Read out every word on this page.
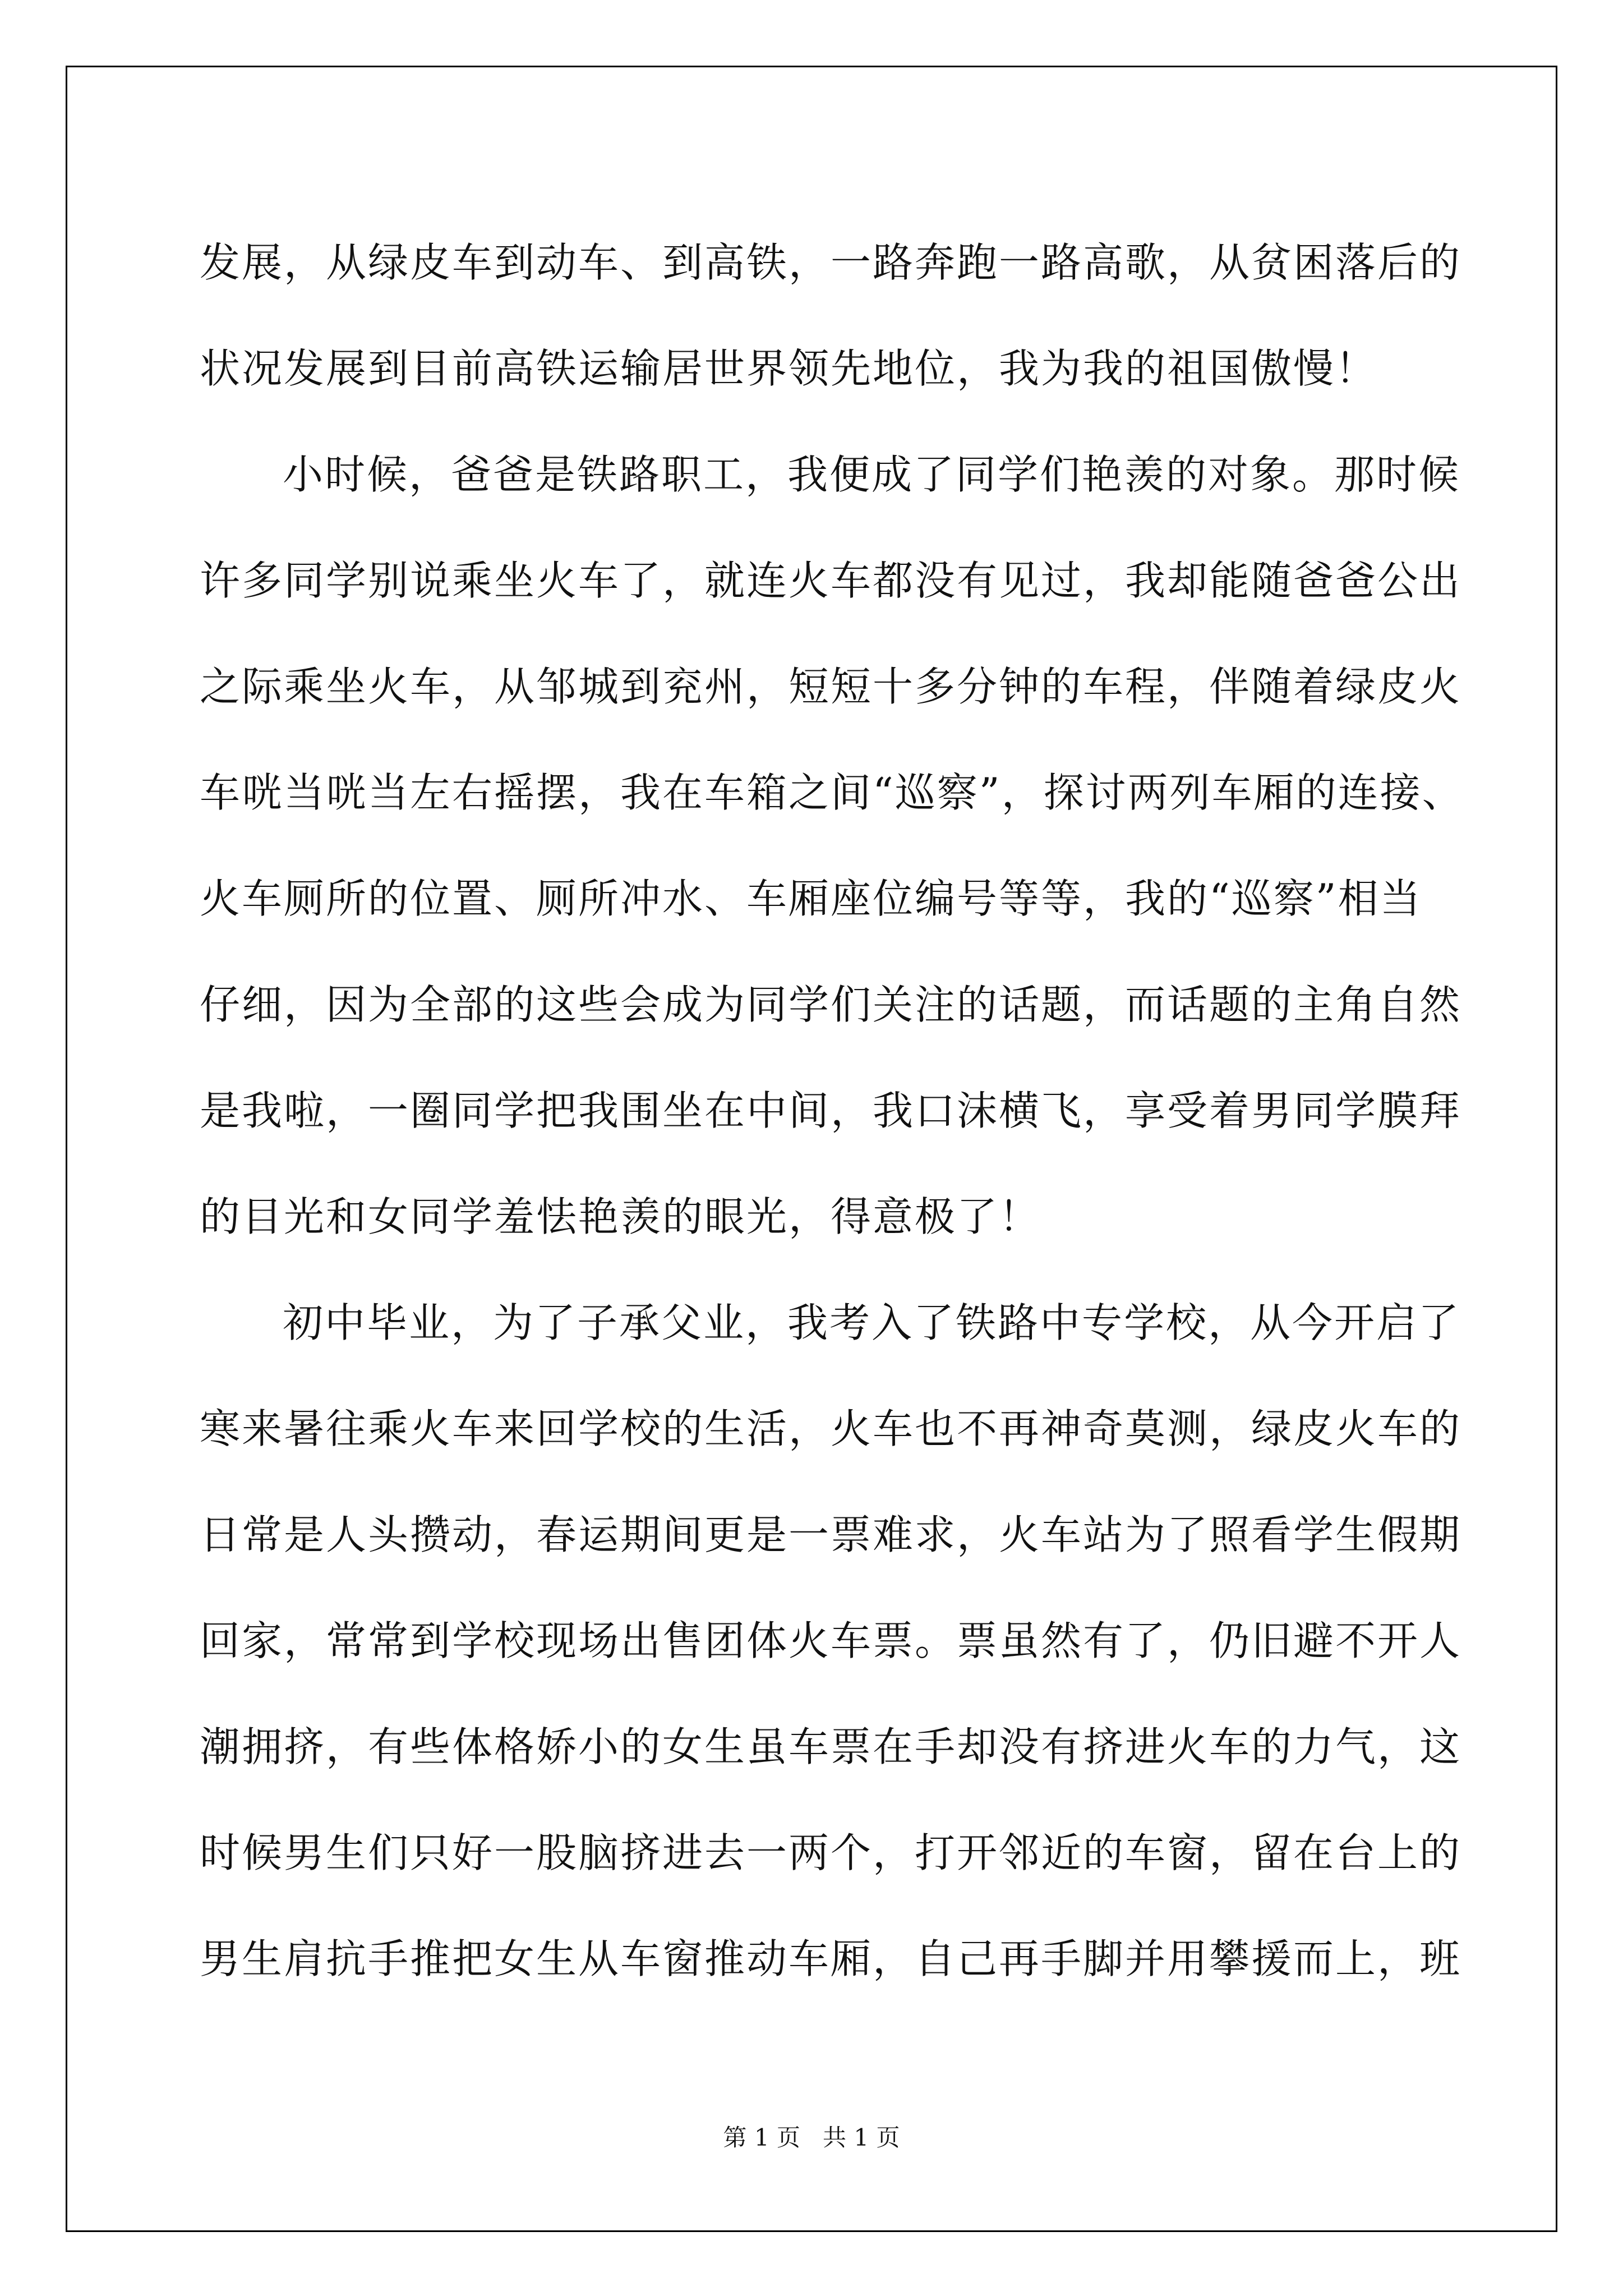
发展，从绿皮车到动车、到高铁，一路奔跑一路高歌，从贫困落后的
状况发展到目前高铁运输居世界领先地位，我为我的祖国傲慢！
小时候，爸爸是铁路职工，我便成了同学们艳羡的对象。那时候
许多同学别说乘坐火车了，就连火车都没有见过，我却能随爸爸公出
之际乘坐火车，从邹城到兖州，短短十多分钟的车程，伴随着绿皮火
车咣当咣当左右摇摆，我在车箱之间“巡察”，探讨两列车厢的连接、
火车厕所的位置、厕所冲水、车厢座位编号等等，我的“巡察”相当
仔细，因为全部的这些会成为同学们关注的话题，而话题的主角自然
是我啦，一圈同学把我围坐在中间，我口沫横飞，享受着男同学膜拜
的目光和女同学羞怯艳羡的眼光，得意极了！
初中毕业，为了子承父业，我考入了铁路中专学校，从今开启了
寒来暑往乘火车来回学校的生活，火车也不再神奇莫测，绿皮火车的
日常是人头攒动，春运期间更是一票难求，火车站为了照看学生假期
回家，常常到学校现场出售团体火车票。票虽然有了，仍旧避不开人
潮拥挤，有些体格娇小的女生虽车票在手却没有挤进火车的力气，这
时候男生们只好一股脑挤进去一两个，打开邻近的车窗，留在台上的
男生肩抗手推把女生从车窗推动车厢，自己再手脚并用攀援而上，班
第 1 页   共 1 页
